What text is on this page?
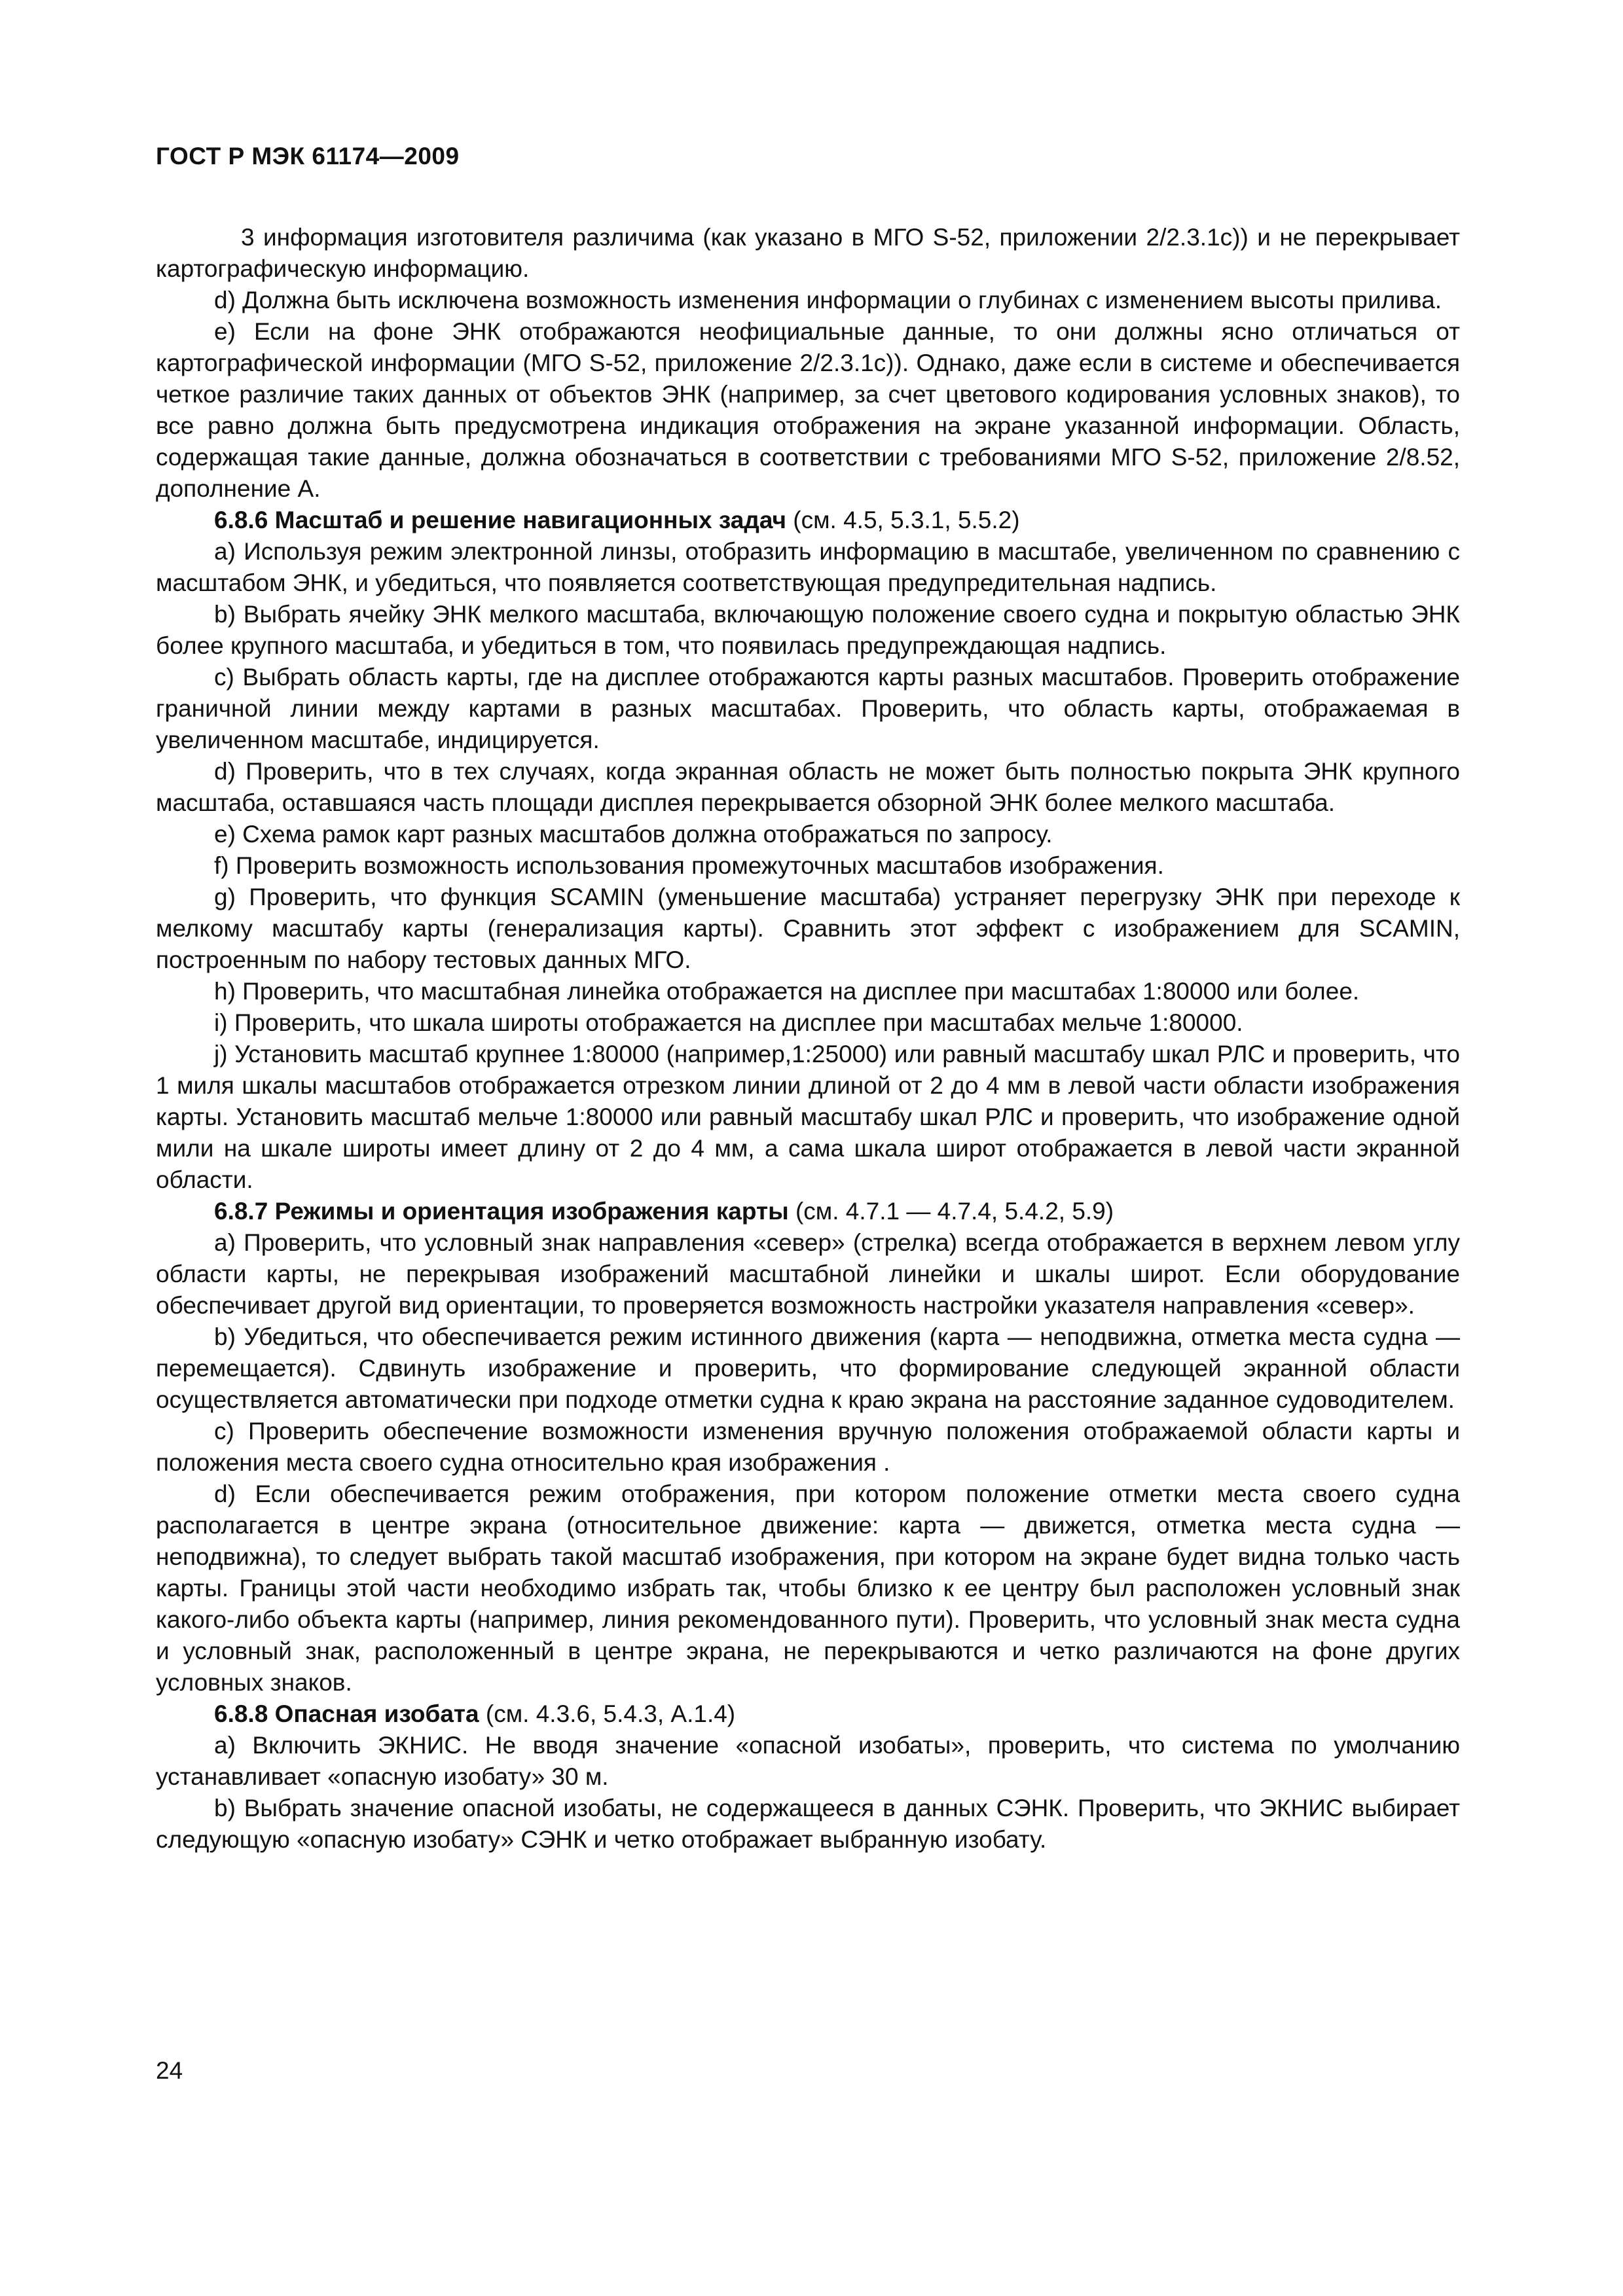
ГОСТ Р МЭК 61174—2009

3 информация изготовителя различима (как указано в МГО S-52, приложении 2/2.3.1c)) и не перекрывает картографическую информацию.

d) Должна быть исключена возможность изменения информации о глубинах с изменением высоты прилива.

e) Если на фоне ЭНК отображаются неофициальные данные, то они должны ясно отличаться от картографической информации (МГО S-52, приложение 2/2.3.1c)). Однако, даже если в системе и обеспечивается четкое различие таких данных от объектов ЭНК (например, за счет цветового кодирования условных знаков), то все равно должна быть предусмотрена индикация отображения на экране указанной информации. Область, содержащая такие данные, должна обозначаться в соответствии с требованиями МГО S-52, приложение 2/8.52, дополнение A.

6.8.6 Масштаб и решение навигационных задач (см. 4.5, 5.3.1, 5.5.2)

a) Используя режим электронной линзы, отобразить информацию в масштабе, увеличенном по сравнению с масштабом ЭНК, и убедиться, что появляется соответствующая предупредительная надпись.

b) Выбрать ячейку ЭНК мелкого масштаба, включающую положение своего судна и покрытую областью ЭНК более крупного масштаба, и убедиться в том, что появилась предупреждающая надпись.

c) Выбрать область карты, где на дисплее отображаются карты разных масштабов. Проверить отображение граничной линии между картами в разных масштабах. Проверить, что область карты, отображаемая в увеличенном масштабе, индицируется.

d) Проверить, что в тех случаях, когда экранная область не может быть полностью покрыта ЭНК крупного масштаба, оставшаяся часть площади дисплея перекрывается обзорной ЭНК более мелкого масштаба.

e) Схема рамок карт разных масштабов должна отображаться по запросу.

f) Проверить возможность использования промежуточных масштабов изображения.

g) Проверить, что функция SCAMIN (уменьшение масштаба) устраняет перегрузку ЭНК при переходе к мелкому масштабу карты (генерализация карты). Сравнить этот эффект с изображением для SCAMIN, построенным по набору тестовых данных МГО.

h) Проверить, что масштабная линейка отображается на дисплее при масштабах 1:80000 или более.

i) Проверить, что шкала широты отображается на дисплее при масштабах мельче 1:80000.

j) Установить масштаб крупнее 1:80000 (например,1:25000) или равный масштабу шкал РЛС и проверить, что 1 миля шкалы масштабов отображается отрезком линии длиной от 2 до 4 мм в левой части области изображения карты. Установить масштаб мельче 1:80000 или равный масштабу шкал РЛС и проверить, что изображение одной мили на шкале широты имеет длину от 2 до 4 мм, а сама шкала широт отображается в левой части экранной области.

6.8.7 Режимы и ориентация изображения карты (см. 4.7.1 — 4.7.4, 5.4.2, 5.9)

a) Проверить, что условный знак направления «север» (стрелка) всегда отображается в верхнем левом углу области карты, не перекрывая изображений масштабной линейки и шкалы широт. Если оборудование обеспечивает другой вид ориентации, то проверяется возможность настройки указателя направления «север».

b) Убедиться, что обеспечивается режим истинного движения (карта — неподвижна, отметка места судна — перемещается). Сдвинуть изображение и проверить, что формирование следующей экранной области осуществляется автоматически при подходе отметки судна к краю экрана на расстояние заданное судоводителем.

c) Проверить обеспечение возможности изменения вручную положения отображаемой области карты и положения места своего судна относительно края изображения .

d) Если обеспечивается режим отображения, при котором положение отметки места своего судна располагается в центре экрана (относительное движение: карта — движется, отметка места судна — неподвижна), то следует выбрать такой масштаб изображения, при котором на экране будет видна только часть карты. Границы этой части необходимо избрать так, чтобы близко к ее центру был расположен условный знак какого-либо объекта карты (например, линия рекомендованного пути). Проверить, что условный знак места судна и условный знак, расположенный в центре экрана, не перекрываются и четко различаются на фоне других условных знаков.

6.8.8 Опасная изобата (см. 4.3.6, 5.4.3, A.1.4)

a) Включить ЭКНИС. Не вводя значение «опасной изобаты», проверить, что система по умолчанию устанавливает «опасную изобату» 30 м.

b) Выбрать значение опасной изобаты, не содержащееся в данных СЭНК. Проверить, что ЭКНИС выбирает следующую «опасную изобату» СЭНК и четко отображает выбранную изобату.

24
